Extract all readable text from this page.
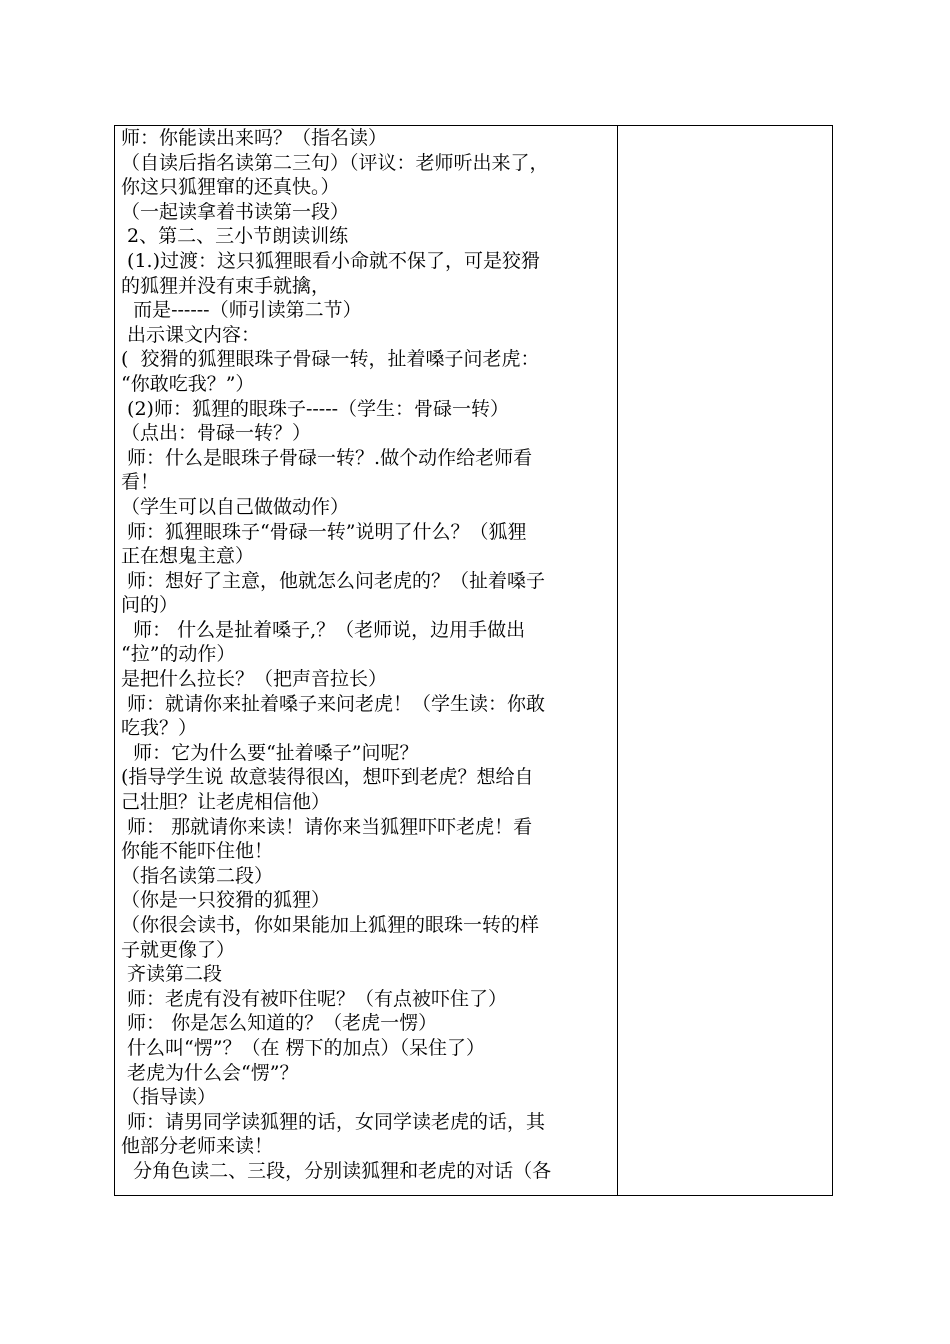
师：你能读出来吗？（指名读）
（自读后指名读第二三句）（评议：老师听出来了，
你这只狐狸窜的还真快。）
（一起读拿着书读第一段）
2、第二、三小节朗读训练
(1.)过渡：这只狐狸眼看小命就不保了，可是狡猾
的狐狸并没有束手就擒，
而是------（师引读第二节）
出示课文内容：
(  狡猾的狐狸眼珠子骨碌一转，扯着嗓子问老虎：
“你敢吃我？”）
(2)师：狐狸的眼珠子-----（学生：骨碌一转）
（点出：骨碌一转？）
师：什么是眼珠子骨碌一转？.做个动作给老师看
看！
（学生可以自己做做动作）
师：狐狸眼珠子“骨碌一转”说明了什么？（狐狸
正在想鬼主意）
师：想好了主意，他就怎么问老虎的？（扯着嗓子
问的）
师： 什么是扯着嗓子,？（老师说，边用手做出
“拉”的动作）
是把什么拉长？（把声音拉长）
师：就请你来扯着嗓子来问老虎！（学生读：你敢
吃我？）
师：它为什么要“扯着嗓子”问呢？
(指导学生说 故意装得很凶，想吓到老虎？想给自
己壮胆？让老虎相信他）
师： 那就请你来读！请你来当狐狸吓吓老虎！看
你能不能吓住他！
（指名读第二段）
（你是一只狡猾的狐狸）
（你很会读书，你如果能加上狐狸的眼珠一转的样
子就更像了）
齐读第二段
师：老虎有没有被吓住呢？（有点被吓住了）
师： 你是怎么知道的？（老虎一愣）
什么叫“愣”？（在 楞下的加点）（呆住了）
老虎为什么会“愣”？
（指导读）
师：请男同学读狐狸的话，女同学读老虎的话，其
他部分老师来读！
分角色读二、三段，分别读狐狸和老虎的对话（各
